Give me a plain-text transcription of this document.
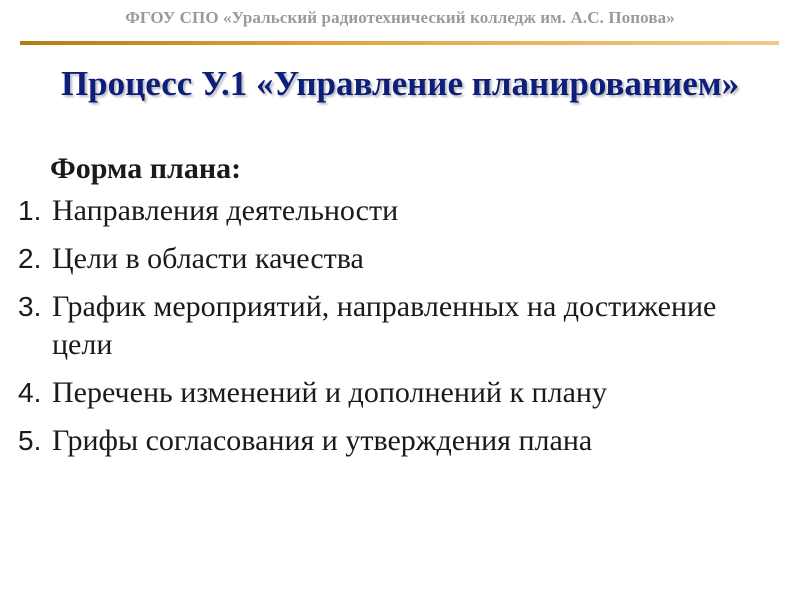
ФГОУ СПО «Уральский радиотехнический колледж им. А.С. Попова»
Процесс У.1 «Управление планированием»
Форма плана:
1. Направления деятельности
2. Цели в области качества
3. График мероприятий, направленных на достижение цели
4. Перечень изменений и дополнений к плану
5. Грифы согласования и утверждения плана
